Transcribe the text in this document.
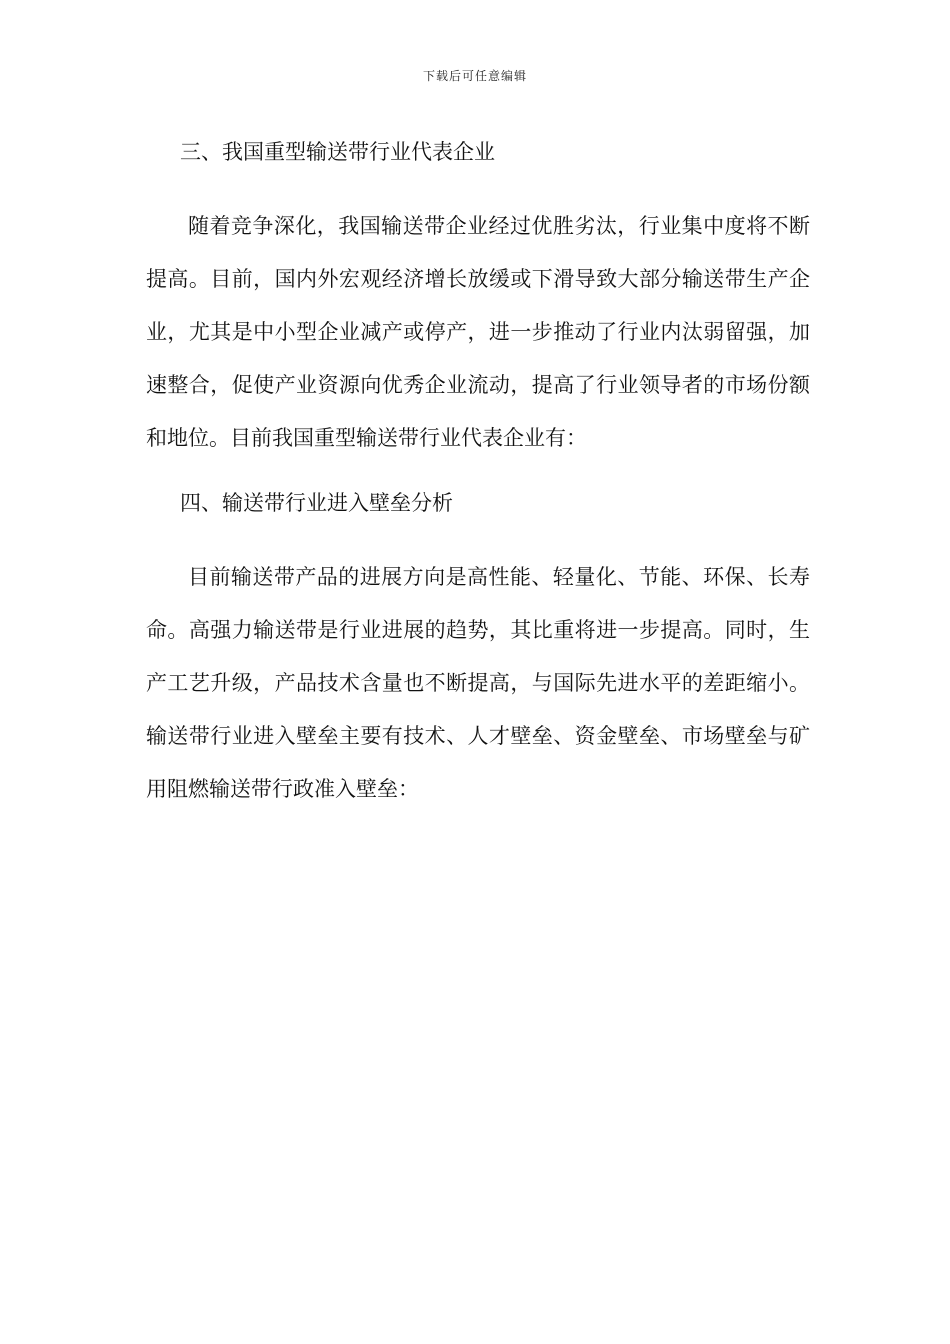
下载后可任意编辑

三、我国重型输送带行业代表企业

随着竞争深化，我国输送带企业经过优胜劣汰，行业集中度将不断提高。目前，国内外宏观经济增长放缓或下滑导致大部分输送带生产企业，尤其是中小型企业减产或停产，进一步推动了行业内汰弱留强，加速整合，促使产业资源向优秀企业流动，提高了行业领导者的市场份额和地位。目前我国重型输送带行业代表企业有：

四、输送带行业进入壁垒分析

目前输送带产品的进展方向是高性能、轻量化、节能、环保、长寿命。高强力输送带是行业进展的趋势，其比重将进一步提高。同时，生产工艺升级，产品技术含量也不断提高，与国际先进水平的差距缩小。输送带行业进入壁垒主要有技术、人才壁垒、资金壁垒、市场壁垒与矿用阻燃输送带行政准入壁垒：
